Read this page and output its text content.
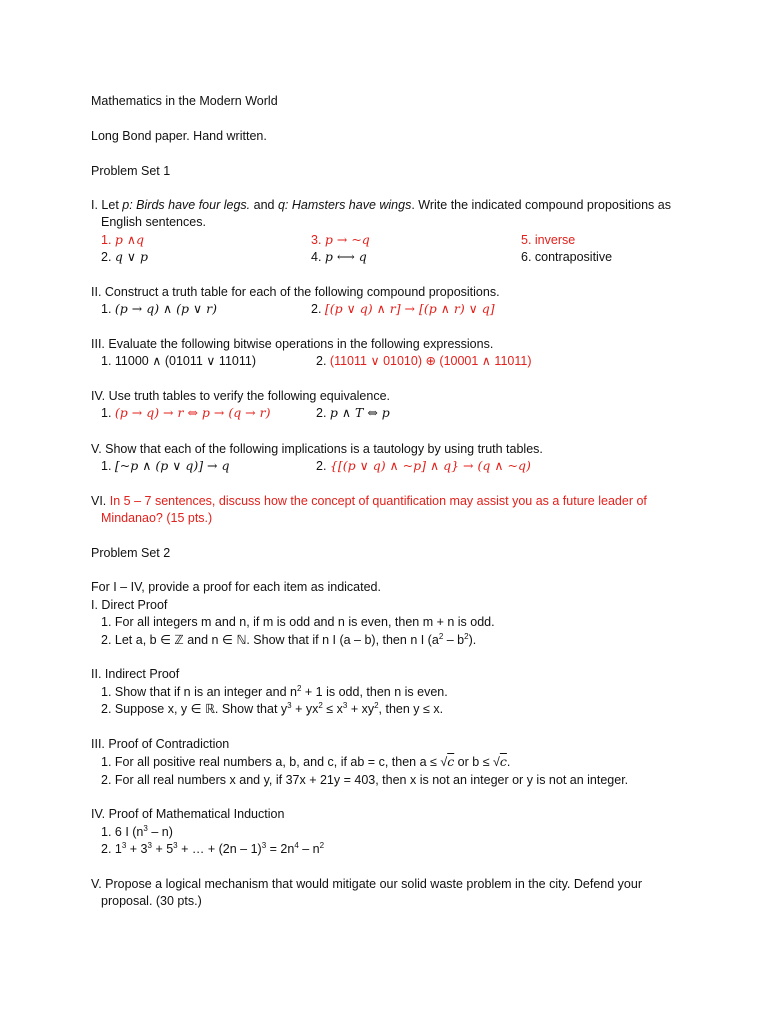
Mathematics in the Modern World
Long Bond paper. Hand written.
Problem Set 1
I. Let p: Birds have four legs. and q: Hamsters have wings. Write the indicated compound propositions as
English sentences.
1. p ∧q	3. p → ~q	5. inverse
2. q ∨ p	4. p ⟷ q	6. contrapositive
II. Construct a truth table for each of the following compound propositions.
1. (p → q) ∧ (p ∨ r)	2. [(p ∨ q) ∧ r] → [(p ∧ r) ∨ q]
III. Evaluate the following bitwise operations in the following expressions.
1. 11000 ∧ (01011 ∨ 11011)	2. (11011 ∨ 01010) ⊕ (10001 ∧ 11011)
IV. Use truth tables to verify the following equivalence.
1. (p → q) → r ⇔ p → (q → r)	2. p ∧ T ⇔ p
V. Show that each of the following implications is a tautology by using truth tables.
1. [~p ∧ (p ∨ q)] → q	2. {[(p ∨ q) ∧ ~p] ∧ q} → (q ∧ ~q)
VI. In 5 – 7 sentences, discuss how the concept of quantification may assist you as a future leader of
Mindanao? (15 pts.)
Problem Set 2
For I – IV, provide a proof for each item as indicated.
I. Direct Proof
1. For all integers m and n, if m is odd and n is even, then m + n is odd.
2. Let a, b ∈ ℤ and n ∈ ℕ. Show that if n I (a – b), then n I $(a^2 - b^2)$.
II. Indirect Proof
1. Show that if n is an integer and $n^2 + 1$ is odd, then n is even.
2. Suppose x, y ∈ ℝ. Show that $y^3 + yx^2 \le x^3 + xy^2$, then y ≤ x.
III. Proof of Contradiction
1. For all positive real numbers a, b, and c, if ab = c, then a ≤ √c or b ≤ √c.
2. For all real numbers x and y, if 37x + 21y = 403, then x is not an integer or y is not an integer.
IV. Proof of Mathematical Induction
1. 6 I $(n^3 - n)$
2. $1^3 + 3^3 + 5^3$ + … + $(2n - 1)^3 = 2n^4 - n^2$
V. Propose a logical mechanism that would mitigate our solid waste problem in the city. Defend your
proposal. (30 pts.)
